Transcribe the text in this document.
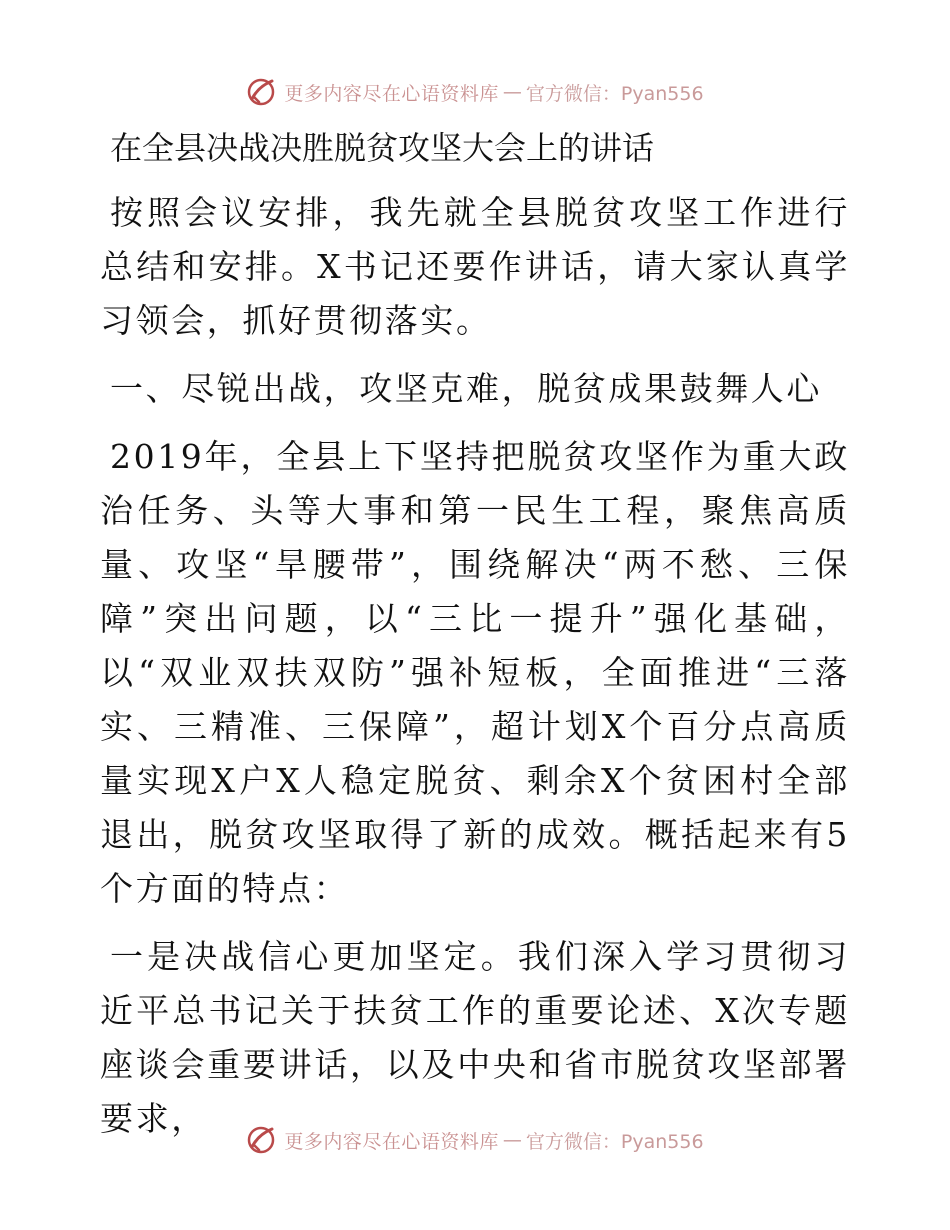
更多内容尽在心语资料库 — 官方微信：Pyan556
在全县决战决胜脱贫攻坚大会上的讲话

按照会议安排，我先就全县脱贫攻坚工作进行总结和安排。X书记还要作讲话，请大家认真学习领会，抓好贯彻落实。

一、尽锐出战，攻坚克难，脱贫成果鼓舞人心

2019年，全县上下坚持把脱贫攻坚作为重大政治任务、头等大事和第一民生工程，聚焦高质量、攻坚“旱腰带”，围绕解决“两不愁、三保障”突出问题，以“三比一提升”强化基础，以“双业双扶双防”强补短板，全面推进“三落实、三精准、三保障”，超计划X个百分点高质量实现X户X人稳定脱贫、剩余X个贫困村全部退出，脱贫攻坚取得了新的成效。概括起来有5个方面的特点：

一是决战信心更加坚定。我们深入学习贯彻习近平总书记关于扶贫工作的重要论述、X次专题座谈会重要讲话，以及中央和省市脱贫攻坚部署要求，

更多内容尽在心语资料库 — 官方微信：Pyan556
